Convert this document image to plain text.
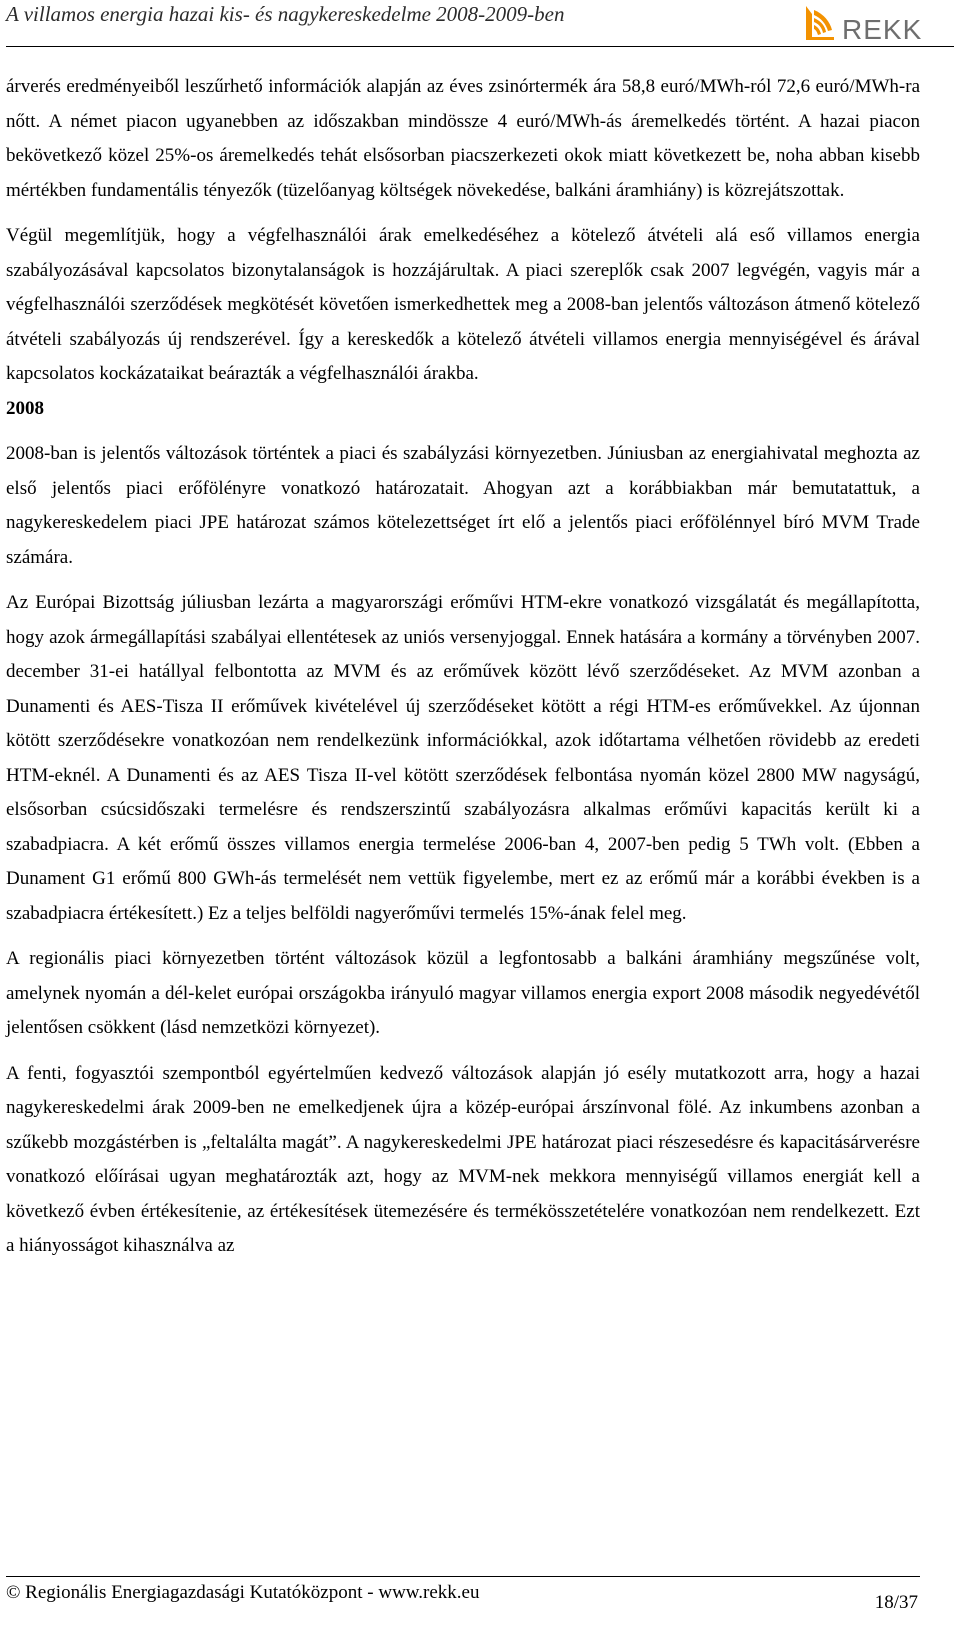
A villamos energia hazai kis- és nagykereskedelme 2008-2009-ben	REKK

árverés eredményeiből leszűrhető információk alapján az éves zsinórtermék ára 58,8 euró/MWh-ról 72,6 euró/MWh-ra nőtt. A német piacon ugyanebben az időszakban mindössze 4 euró/MWh-ás áremelkedés történt. A hazai piacon bekövetkező közel 25%-os áremelkedés tehát elsősorban piacszerkezeti okok miatt következett be, noha abban kisebb mértékben fundamentális tényezők (tüzelőanyag költségek növekedése, balkáni áramhiány) is közrejátszottak.

Végül megemlítjük, hogy a végfelhasználói árak emelkedéséhez a kötelező átvételi alá eső villamos energia szabályozásával kapcsolatos bizonytalanságok is hozzájárultak. A piaci szereplők csak 2007 legvégén, vagyis már a végfelhasználói szerződések megkötését követően ismerkedhettek meg a 2008-ban jelentős változáson átmenő kötelező átvételi szabályozás új rendszerével. Így a kereskedők a kötelező átvételi villamos energia mennyiségével és árával kapcsolatos kockázataikat beárazták a végfelhasználói árakba.

2008

2008-ban is jelentős változások történtek a piaci és szabályzási környezetben. Júniusban az energiahivatal meghozta az első jelentős piaci erőfölényre vonatkozó határozatait. Ahogyan azt a korábbiakban már bemutatattuk, a nagykereskedelem piaci JPE határozat számos kötelezettséget írt elő a jelentős piaci erőfölénnyel bíró MVM Trade számára.

Az Európai Bizottság júliusban lezárta a magyarországi erőművi HTM-ekre vonatkozó vizsgálatát és megállapította, hogy azok ármegállapítási szabályai ellentétesek az uniós versenyjoggal. Ennek hatására a kormány a törvényben 2007. december 31-ei hatállyal felbontotta az MVM és az erőművek között lévő szerződéseket. Az MVM azonban a Dunamenti és AES-Tisza II erőművek kivételével új szerződéseket kötött a régi HTM-es erőművekkel. Az újonnan kötött szerződésekre vonatkozóan nem rendelkezünk információkkal, azok időtartama vélhetően rövidebb az eredeti HTM-eknél. A Dunamenti és az AES Tisza II-vel kötött szerződések felbontása nyomán közel 2800 MW nagyságú, elsősorban csúcsidőszaki termelésre és rendszerszintű szabályozásra alkalmas erőművi kapacitás került ki a szabadpiacra. A két erőmű összes villamos energia termelése 2006-ban 4, 2007-ben pedig 5 TWh volt. (Ebben a Dunament G1 erőmű 800 GWh-ás termelését nem vettük figyelembe, mert ez az erőmű már a korábbi években is a szabadpiacra értékesített.) Ez a teljes belföldi nagyerőművi termelés 15%-ának felel meg.

A regionális piaci környezetben történt változások közül a legfontosabb a balkáni áramhiány megszűnése volt, amelynek nyomán a dél-kelet európai országokba irányuló magyar villamos energia export 2008 második negyedévétől jelentősen csökkent (lásd nemzetközi környezet).

A fenti, fogyasztói szempontból egyértelműen kedvező változások alapján jó esély mutatkozott arra, hogy a hazai nagykereskedelmi árak 2009-ben ne emelkedjenek újra a közép-európai árszínvonal fölé. Az inkumbens azonban a szűkebb mozgástérben is „feltalálta magát”. A nagykereskedelmi JPE határozat piaci részesedésre és kapacitásárverésre vonatkozó előírásai ugyan meghatározták azt, hogy az MVM-nek mekkora mennyiségű villamos energiát kell a következő évben értékesítenie, az értékesítések ütemezésére és termékösszetételére vonatkozóan nem rendelkezett. Ezt a hiányosságot kihasználva az

© Regionális Energiagazdasági Kutatóközpont - www.rekk.eu	18/37
